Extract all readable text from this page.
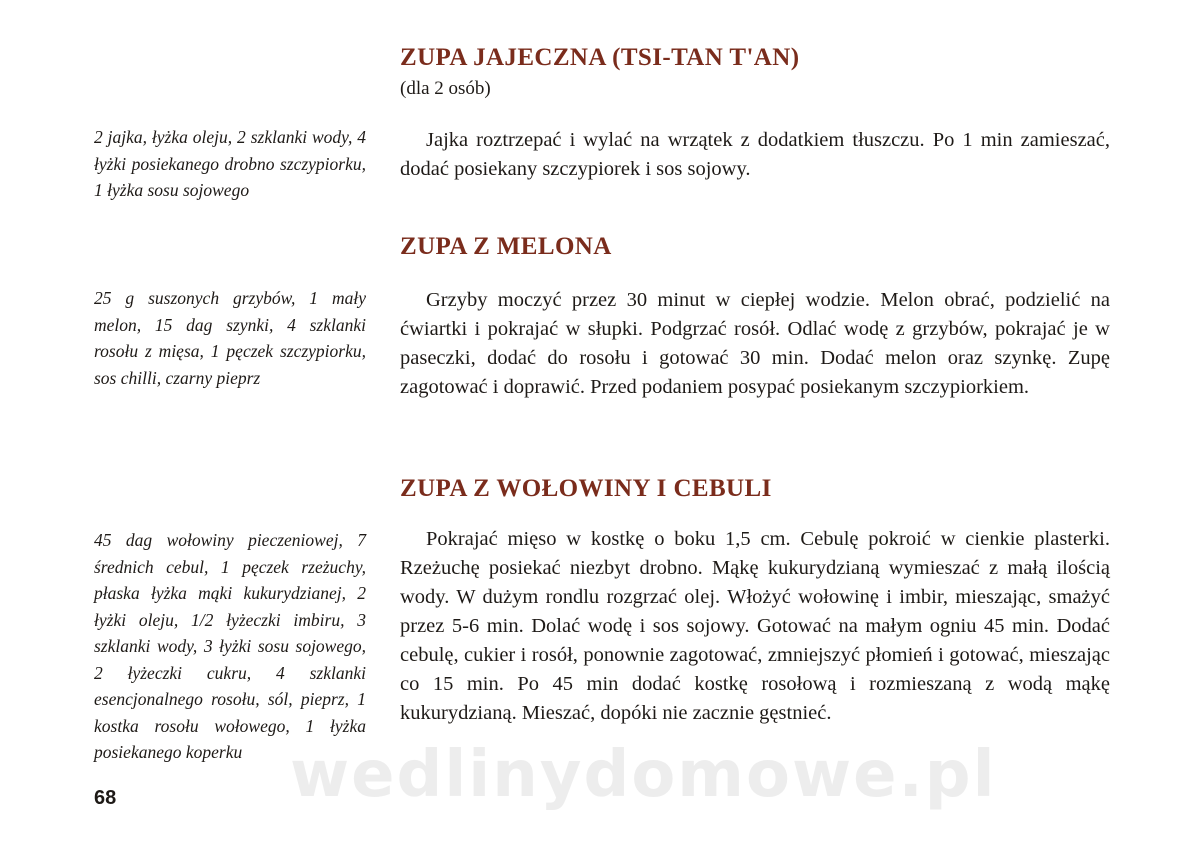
ZUPA JAJECZNA (TSI-TAN T'AN)

(dla 2 osób)

2 jajka, łyżka oleju, 2 szklanki wody, 4 łyżki posiekanego drobno szczypiorku, 1 łyżka sosu sojowego

Jajka roztrzepać i wylać na wrzątek z dodatkiem tłuszczu. Po 1 min zamieszać, dodać posiekany szczypiorek i sos sojowy.

ZUPA Z MELONA

25 g suszonych grzybów, 1 mały melon, 15 dag szynki, 4 szklanki rosołu z mięsa, 1 pęczek szczypiorku, sos chilli, czarny pieprz

Grzyby moczyć przez 30 minut w ciepłej wodzie. Melon obrać, podzielić na ćwiartki i pokrajać w słupki. Podgrzać rosół. Odlać wodę z grzybów, pokrajać je w paseczki, dodać do rosołu i gotować 30 min. Dodać melon oraz szynkę. Zupę zagotować i doprawić. Przed podaniem posypać posiekanym szczypiorkiem.

ZUPA Z WOŁOWINY I CEBULI

45 dag wołowiny pieczeniowej, 7 średnich cebul, 1 pęczek rzeżuchy, płaska łyżka mąki kukurydzianej, 2 łyżki oleju, 1/2 łyżeczki imbiru, 3 szklanki wody, 3 łyżki sosu sojowego, 2 łyżeczki cukru, 4 szklanki esencjonalnego rosołu, sól, pieprz, 1 kostka rosołu wołowego, 1 łyżka posiekanego koperku

Pokrajać mięso w kostkę o boku 1,5 cm. Cebulę pokroić w cienkie plasterki. Rzeżuchę posiekać niezbyt drobno. Mąkę kukurydzianą wymieszać z małą ilością wody. W dużym rondlu rozgrzać olej. Włożyć wołowinę i imbir, mieszając, smażyć przez 5-6 min. Dolać wodę i sos sojowy. Gotować na małym ogniu 45 min. Dodać cebulę, cukier i rosół, ponownie zagotować, zmniejszyć płomień i gotować, mieszając co 15 min. Po 45 min dodać kostkę rosołową i rozmieszaną z wodą mąkę kukurydzianą. Mieszać, dopóki nie zacznie gęstnieć.

68	wedlinydomowe.pl
